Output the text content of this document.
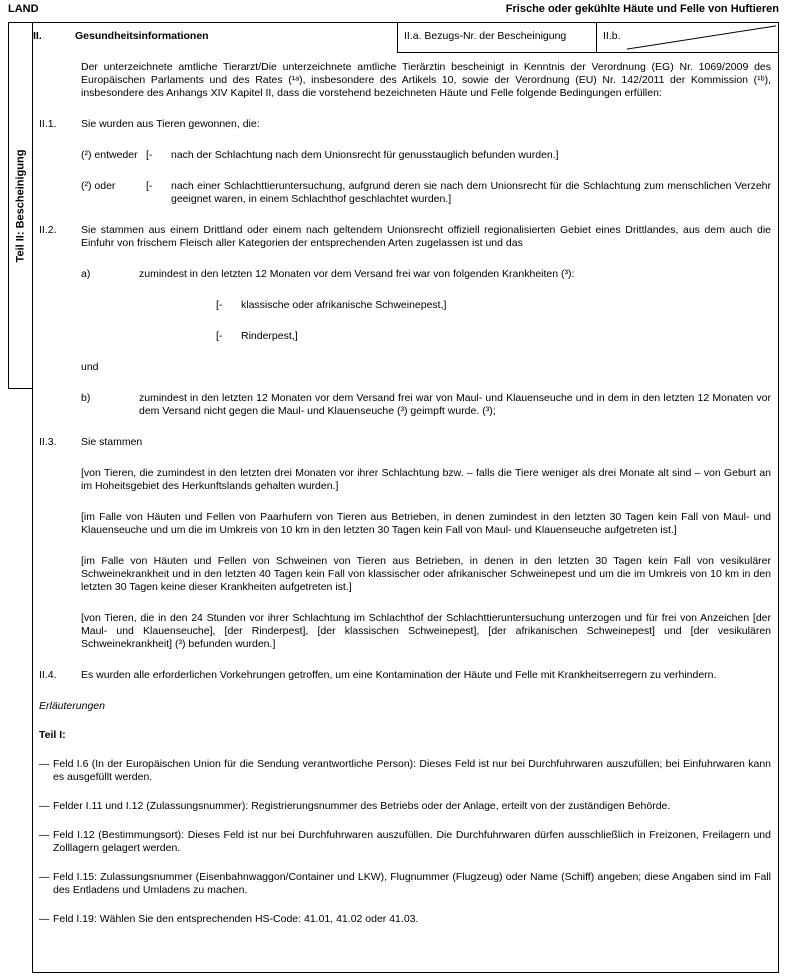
LAND	Frische oder gekühlte Häute und Felle von Huftieren
Teil II: Bescheinigung
II.	Gesundheitsinformationen	II.a. Bezugs-Nr. der Bescheinigung	II.b.
Der unterzeichnete amtliche Tierarzt/Die unterzeichnete amtliche Tierärztin bescheinigt in Kenntnis der Verordnung (EG) Nr. 1069/2009 des Europäischen Parlaments und des Rates (¹ᵃ), insbesondere des Artikels 10, sowie der Verordnung (EU) Nr. 142/2011 der Kommission (¹ᵇ), insbesondere des Anhangs XIV Kapitel II, dass die vorstehend bezeichneten Häute und Felle folgende Bedingungen erfüllen:
II.1.	Sie wurden aus Tieren gewonnen, die:
(²) entweder [-	nach der Schlachtung nach dem Unionsrecht für genusstauglich befunden wurden.]
(²) oder	[-	nach einer Schlachttieruntersuchung, aufgrund deren sie nach dem Unionsrecht für die Schlachtung zum menschlichen Verzehr geeignet waren, in einem Schlachthof geschlachtet wurden.]
II.2.	Sie stammen aus einem Drittland oder einem nach geltendem Unionsrecht offiziell regionalisierten Gebiet eines Drittlandes, aus dem auch die Einfuhr von frischem Fleisch aller Kategorien der entsprechenden Arten zugelassen ist und das
a)	zumindest in den letzten 12 Monaten vor dem Versand frei war von folgenden Krankheiten (³):
[-	klassische oder afrikanische Schweinepest,]
[-	Rinderpest,]
und
b)	zumindest in den letzten 12 Monaten vor dem Versand frei war von Maul- und Klauenseuche und in dem in den letzten 12 Monaten vor dem Versand nicht gegen die Maul- und Klauenseuche (³) geimpft wurde. (³);
II.3.	Sie stammen
[von Tieren, die zumindest in den letzten drei Monaten vor ihrer Schlachtung bzw. – falls die Tiere weniger als drei Monate alt sind – von Geburt an im Hoheitsgebiet des Herkunftslands gehalten wurden.]
[im Falle von Häuten und Fellen von Paarhufern von Tieren aus Betrieben, in denen zumindest in den letzten 30 Tagen kein Fall von Maul- und Klauenseuche und um die im Umkreis von 10 km in den letzten 30 Tagen kein Fall von Maul- und Klauenseuche aufgetreten ist.]
[im Falle von Häuten und Fellen von Schweinen von Tieren aus Betrieben, in denen in den letzten 30 Tagen kein Fall von vesikulärer Schweinekrankheit und in den letzten 40 Tagen kein Fall von klassischer oder afrikanischer Schweinepest und um die im Umkreis von 10 km in den letzten 30 Tagen keine dieser Krankheiten aufgetreten ist.]
[von Tieren, die in den 24 Stunden vor ihrer Schlachtung im Schlachthof der Schlachttieruntersuchung unterzogen und für frei von Anzeichen [der Maul- und Klauenseuche], [der Rinderpest], [der klassischen Schweinepest], [der afrikanischen Schweinepest] und [der vesikulären Schweinekrankheit] (³) befunden wurden.]
II.4.	Es wurden alle erforderlichen Vorkehrungen getroffen, um eine Kontamination der Häute und Felle mit Krankheitserregern zu verhindern.
Erläuterungen
Teil I:
— Feld I.6 (In der Europäischen Union für die Sendung verantwortliche Person): Dieses Feld ist nur bei Durchfuhrwaren auszufüllen; bei Einfuhrwaren kann es ausgefüllt werden.
— Felder I.11 und I.12 (Zulassungsnummer): Registrierungsnummer des Betriebs oder der Anlage, erteilt von der zuständigen Behörde.
— Feld I.12 (Bestimmungsort): Dieses Feld ist nur bei Durchfuhrwaren auszufüllen. Die Durchfuhrwaren dürfen ausschließlich in Freizonen, Freilagern und Zolllagern gelagert werden.
— Feld I.15: Zulassungsnummer (Eisenbahnwaggon/Container und LKW), Flugnummer (Flugzeug) oder Name (Schiff) angeben; diese Angaben sind im Fall des Entladens und Umladens zu machen.
— Feld I.19: Wählen Sie den entsprechenden HS-Code: 41.01, 41.02 oder 41.03.
